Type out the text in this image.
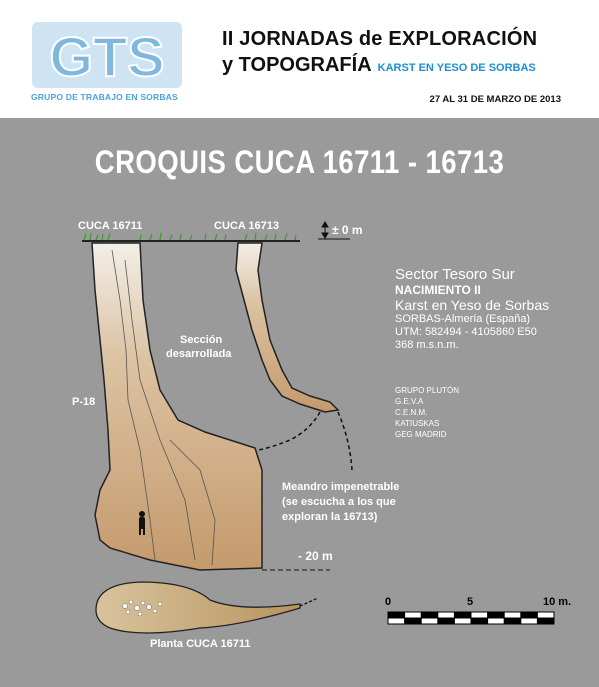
GTS
GRUPO DE TRABAJO EN SORBAS
II JORNADAS de EXPLORACIÓN
y TOPOGRAFÍA KARST EN YESO DE SORBAS
27 AL 31 DE MARZO DE 2013
CROQUIS CUCA 16711 - 16713
CUCA 16711	CUCA 16713	± 0 m
Sección
desarrollada
P-18
Meandro impenetrable
(se escucha a los que
exploran la 16713)
- 20 m
Planta CUCA 16711
Sector Tesoro Sur
NACIMIENTO II
Karst en Yeso de Sorbas
SORBAS-Almería (España)
UTM: 582494 - 4105860 E50
368 m.s.n.m.
GRUPO PLUTÓN
G.E.V.A
C.E.N.M.
KATIUSKAS
GEG MADRID
0	5	10 m.
